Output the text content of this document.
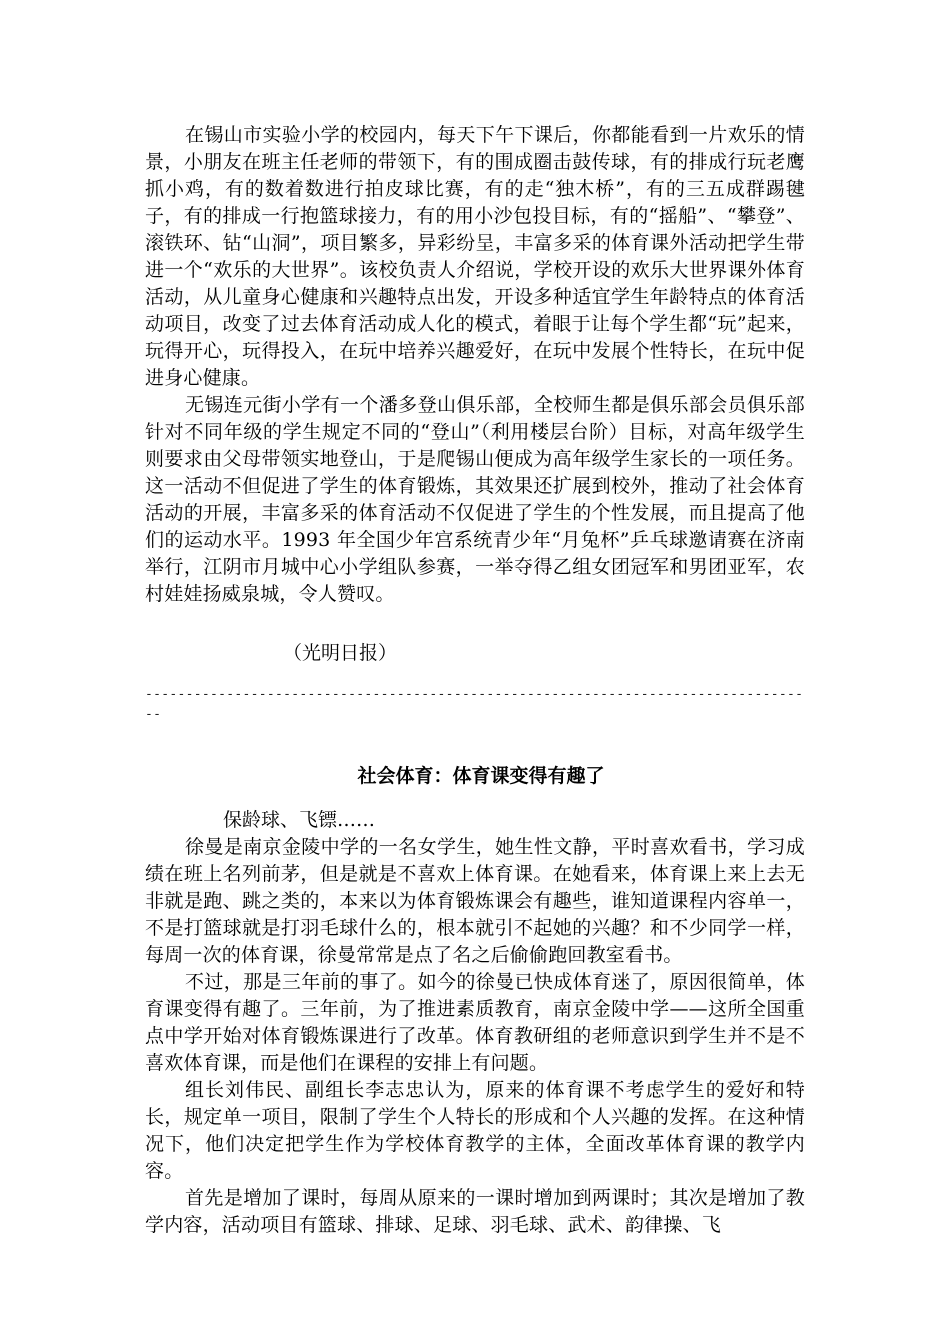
在锡山市实验小学的校园内，每天下午下课后，你都能看到一片欢乐的情景，小朋友在班主任老师的带领下，有的围成圈击鼓传球，有的排成行玩老鹰抓小鸡，有的数着数进行拍皮球比赛，有的走“独木桥”，有的三五成群踢毽子，有的排成一行抱篮球接力，有的用小沙包投目标，有的“摇船”、“攀登”、滚铁环、钻“山洞”，项目繁多，异彩纷呈，丰富多采的体育课外活动把学生带进一个“欢乐的大世界”。该校负责人介绍说，学校开设的欢乐大世界课外体育活动，从儿童身心健康和兴趣特点出发，开设多种适宜学生年龄特点的体育活动项目，改变了过去体育活动成人化的模式，着眼于让每个学生都“玩”起来，玩得开心，玩得投入，在玩中培养兴趣爱好，在玩中发展个性特长，在玩中促进身心健康。

无锡连元街小学有一个潘多登山俱乐部，全校师生都是俱乐部会员俱乐部针对不同年级的学生规定不同的“登山”（利用楼层台阶）目标，对高年级学生则要求由父母带领实地登山，于是爬锡山便成为高年级学生家长的一项任务。这一活动不但促进了学生的体育锻炼，其效果还扩展到校外，推动了社会体育活动的开展，丰富多采的体育活动不仅促进了学生的个性发展，而且提高了他们的运动水平。1993 年全国少年宫系统青少年“月兔杯”乒乓球邀请赛在济南举行，江阴市月城中心小学组队参赛，一举夺得乙组女团冠军和男团亚军，农村娃娃扬威泉城，令人赞叹。

（光明日报）

-----------------------------------------------------------------------------------
社会体育：体育课变得有趣了

保龄球、飞镖……

徐曼是南京金陵中学的一名女学生，她生性文静，平时喜欢看书，学习成绩在班上名列前茅，但是就是不喜欢上体育课。在她看来，体育课上来上去无非就是跑、跳之类的，本来以为体育锻炼课会有趣些，谁知道课程内容单一，不是打篮球就是打羽毛球什么的，根本就引不起她的兴趣？和不少同学一样，每周一次的体育课，徐曼常常是点了名之后偷偷跑回教室看书。

不过，那是三年前的事了。如今的徐曼已快成体育迷了，原因很简单，体育课变得有趣了。三年前，为了推进素质教育，南京金陵中学——这所全国重点中学开始对体育锻炼课进行了改革。体育教研组的老师意识到学生并不是不喜欢体育课，而是他们在课程的安排上有问题。

组长刘伟民、副组长李志忠认为，原来的体育课不考虑学生的爱好和特长，规定单一项目，限制了学生个人特长的形成和个人兴趣的发挥。在这种情况下，他们决定把学生作为学校体育教学的主体，全面改革体育课的教学内容。

首先是增加了课时，每周从原来的一课时增加到两课时；其次是增加了教学内容，活动项目有篮球、排球、足球、羽毛球、武术、韵律操、飞
